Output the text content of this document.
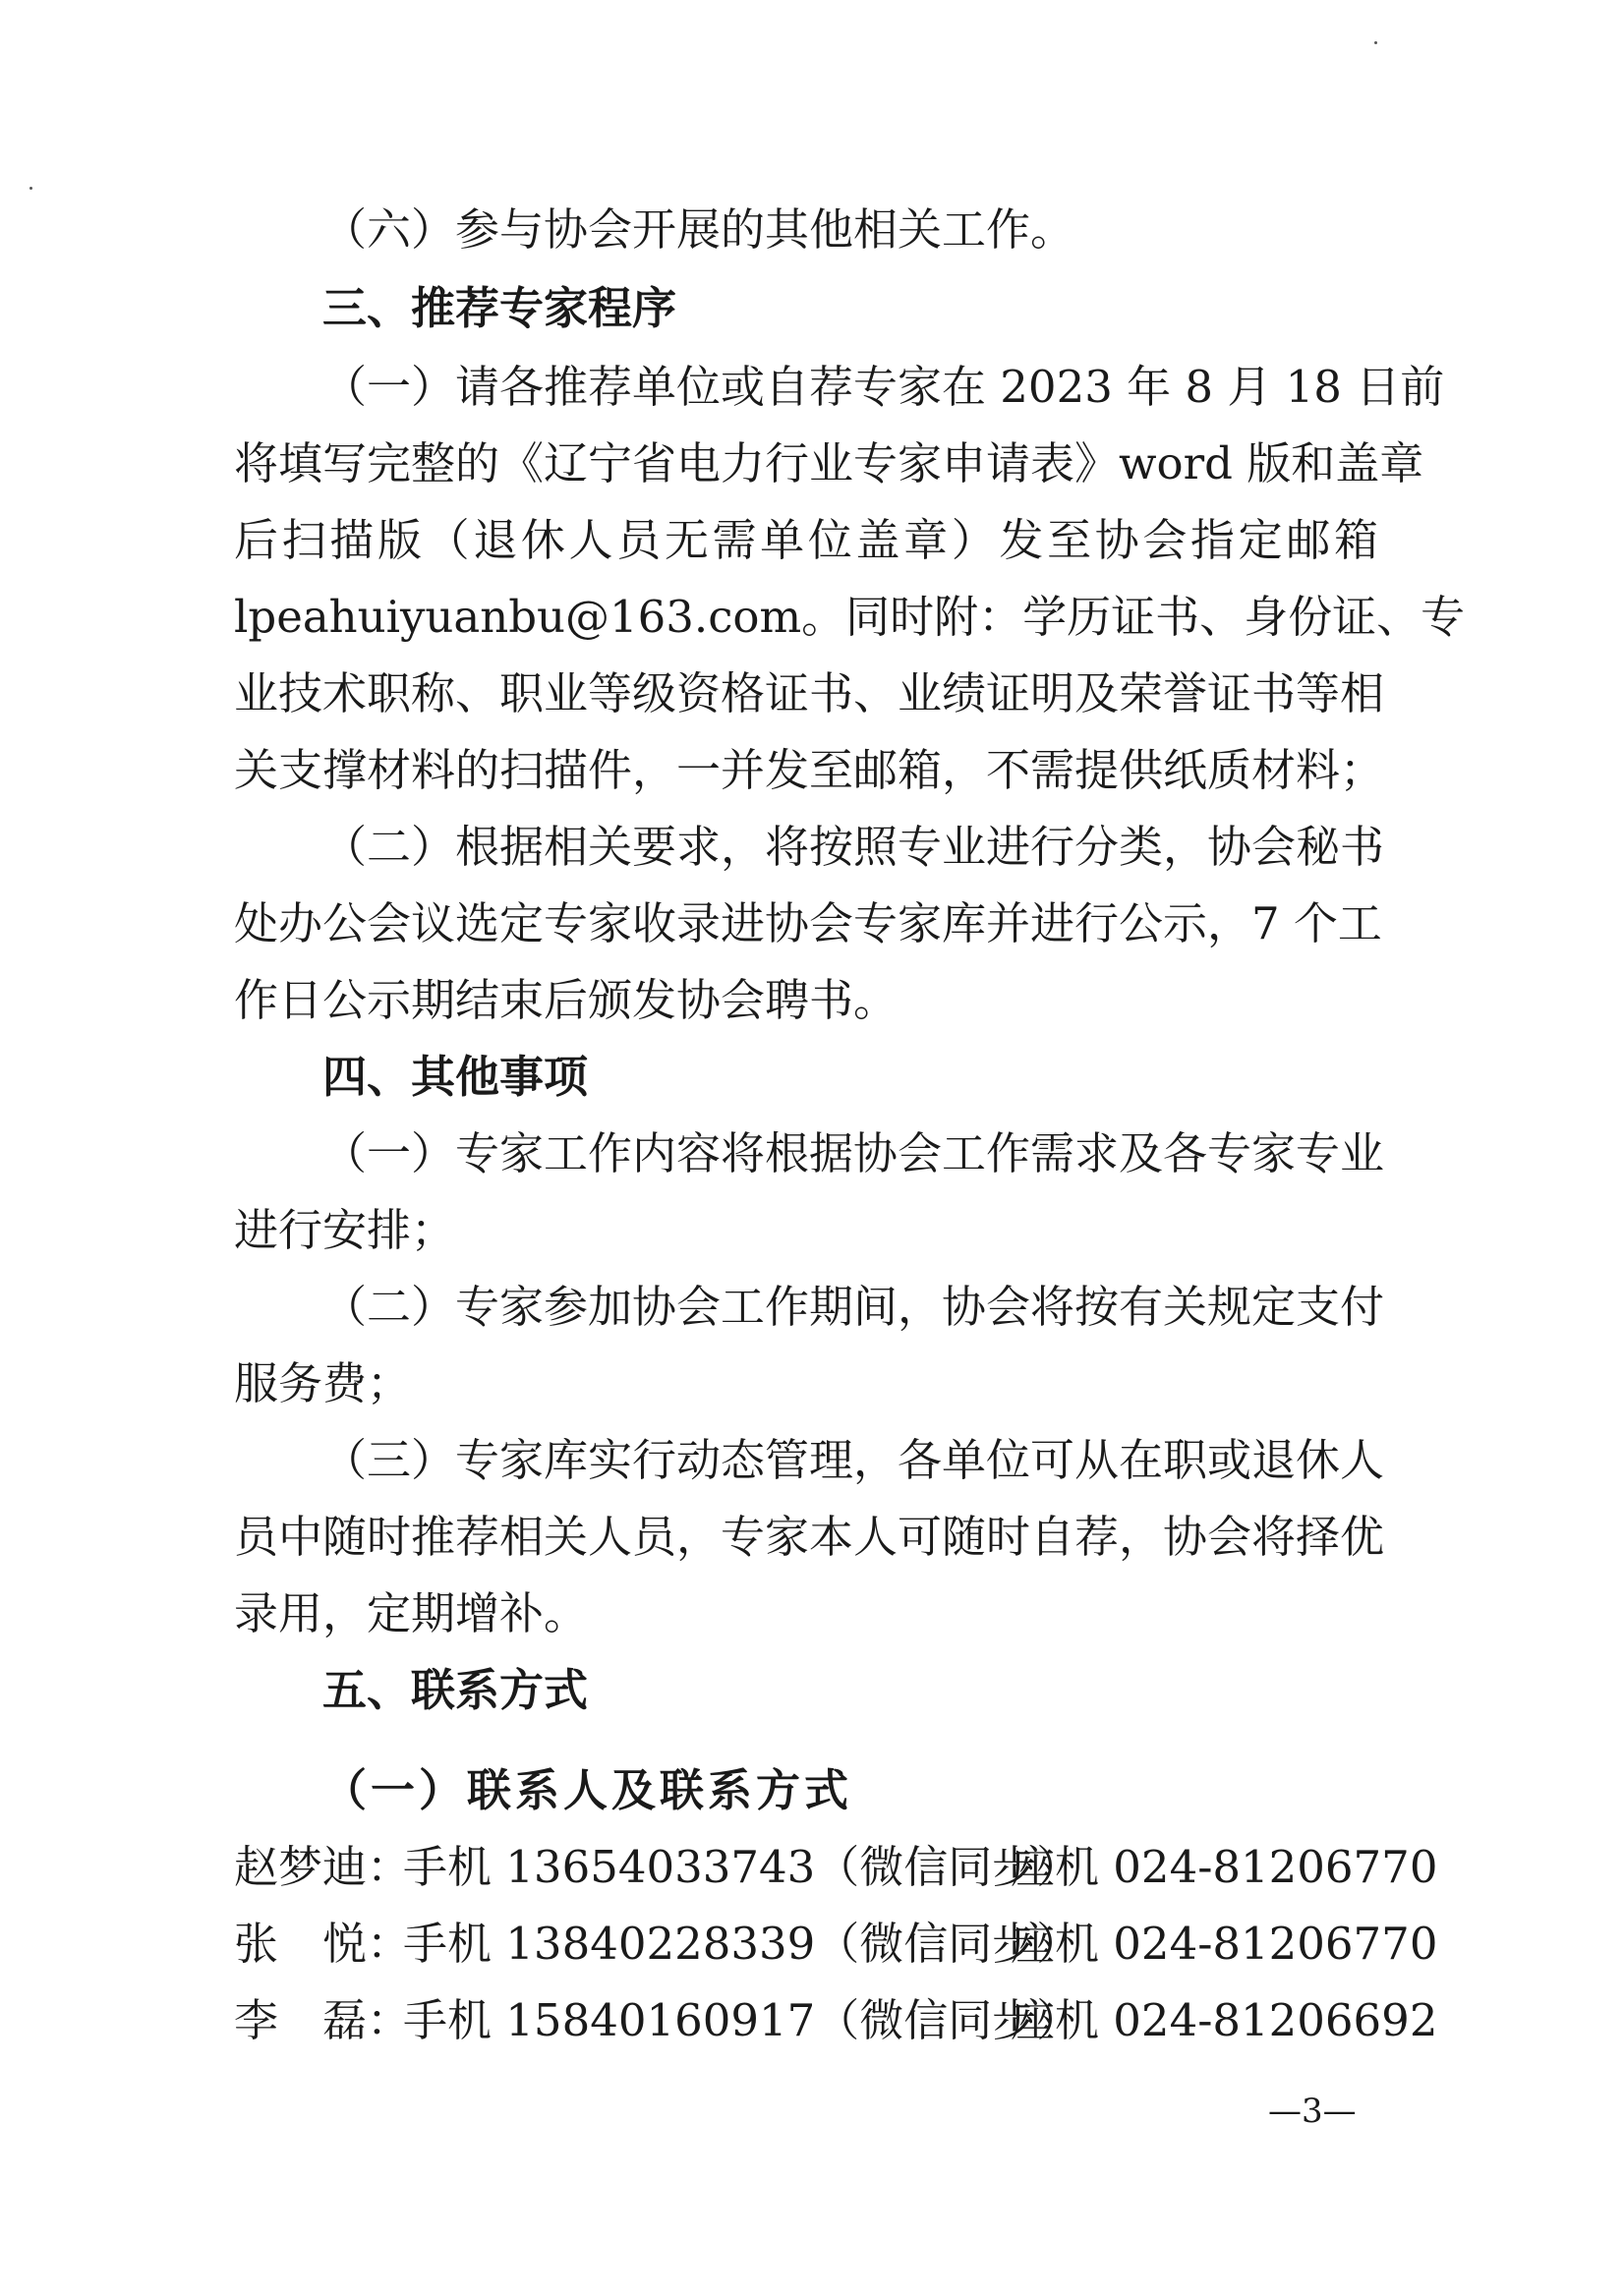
（六）参与协会开展的其他相关工作。
三、推荐专家程序
（一）请各推荐单位或自荐专家在 2023 年 8 月 18 日前
将填写完整的《辽宁省电力行业专家申请表》word 版和盖章
后扫描版（退休人员无需单位盖章）发至协会指定邮箱
lpeahuiyuanbu@163.com。同时附：学历证书、身份证、专
业技术职称、职业等级资格证书、业绩证明及荣誉证书等相
关支撑材料的扫描件，一并发至邮箱，不需提供纸质材料；
（二）根据相关要求，将按照专业进行分类，协会秘书
处办公会议选定专家收录进协会专家库并进行公示，7 个工
作日公示期结束后颁发协会聘书。
四、其他事项
（一）专家工作内容将根据协会工作需求及各专家专业
进行安排；
（二）专家参加协会工作期间，协会将按有关规定支付
服务费；
（三）专家库实行动态管理，各单位可从在职或退休人
员中随时推荐相关人员，专家本人可随时自荐，协会将择优
录用，定期增补。
五、联系方式
（一）联系人及联系方式
赵梦迪：
手机 13654033743（微信同步）
座机 024-81206770
张　悦：
手机 13840228339（微信同步）
座机 024-81206770
李　磊：
手机 15840160917（微信同步）
座机 024-81206692
—3—
